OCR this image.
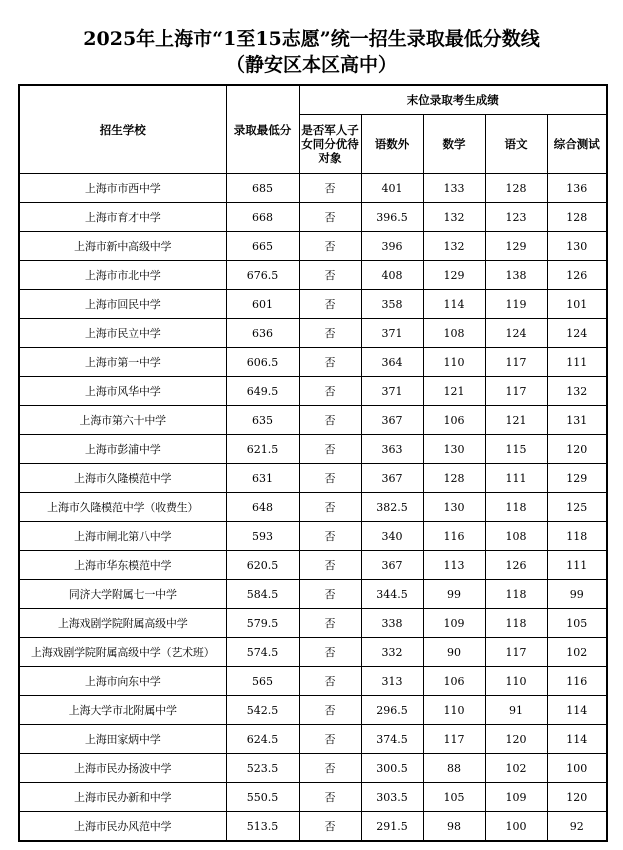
2025年上海市“1至15志愿”统一招生录取最低分数线
（静安区本区高中）
招生学校	录取最低分	末位录取考生成绩				
		是否军人子女同分优待对象	语数外	数学	语文	综合测试
上海市市西中学	685	否	401	133	128	136
上海市育才中学	668	否	396.5	132	123	128
上海市新中高级中学	665	否	396	132	129	130
上海市市北中学	676.5	否	408	129	138	126
上海市回民中学	601	否	358	114	119	101
上海市民立中学	636	否	371	108	124	124
上海市第一中学	606.5	否	364	110	117	111
上海市风华中学	649.5	否	371	121	117	132
上海市第六十中学	635	否	367	106	121	131
上海市彭浦中学	621.5	否	363	130	115	120
上海市久隆模范中学	631	否	367	128	111	129
上海市久隆模范中学（收费生）	648	否	382.5	130	118	125
上海市闸北第八中学	593	否	340	116	108	118
上海市华东模范中学	620.5	否	367	113	126	111
同济大学附属七一中学	584.5	否	344.5	99	118	99
上海戏剧学院附属高级中学	579.5	否	338	109	118	105
上海戏剧学院附属高级中学（艺术班）	574.5	否	332	90	117	102
上海市向东中学	565	否	313	106	110	116
上海大学市北附属中学	542.5	否	296.5	110	91	114
上海田家炳中学	624.5	否	374.5	117	120	114
上海市民办扬波中学	523.5	否	300.5	88	102	100
上海市民办新和中学	550.5	否	303.5	105	109	120
上海市民办风范中学	513.5	否	291.5	98	100	92
